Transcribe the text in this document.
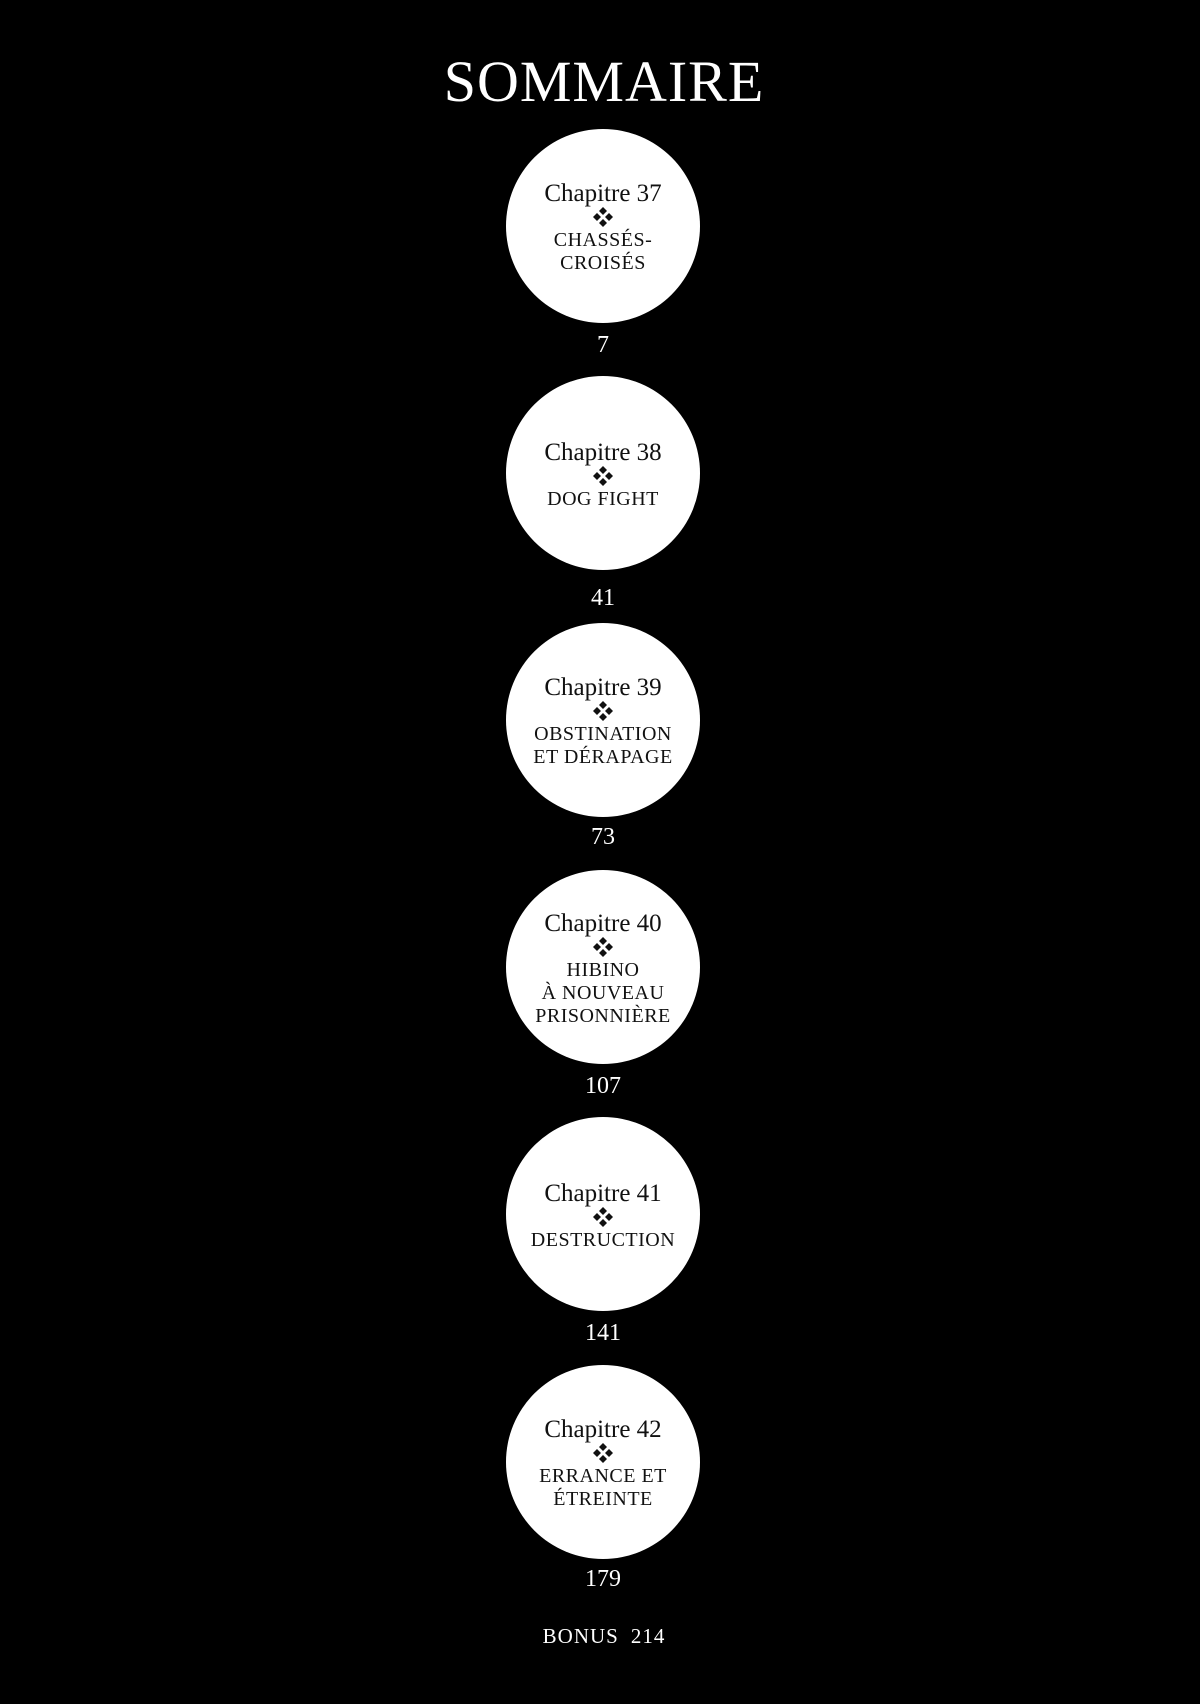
SOMMAIRE
Chapitre 37
CHASSÉS-
CROISÉS
7
Chapitre 38
DOG FIGHT
41
Chapitre 39
OBSTINATION
ET DÉRAPAGE
73
Chapitre 40
HIBINO
À NOUVEAU
PRISONNIÈRE
107
Chapitre 41
DESTRUCTION
141
Chapitre 42
ERRANCE ET
ÉTREINTE
179
BONUS 214
